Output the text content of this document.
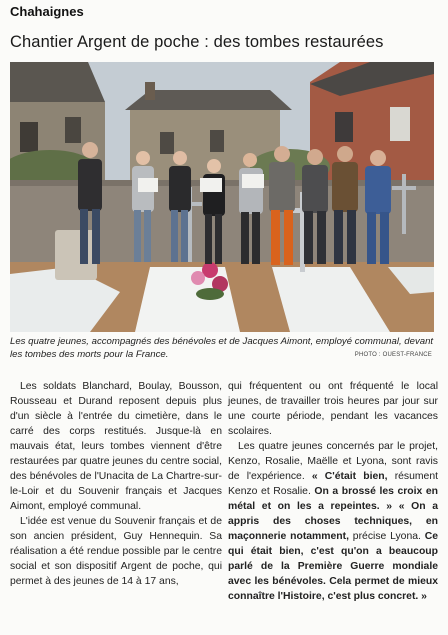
Chahaignes
Chantier Argent de poche : des tombes restaurées
Les quatre jeunes, accompagnés des bénévoles et de Jacques Aimont, employé communal, devant les tombes des morts pour la France.	PHOTO : OUEST-FRANCE

Les soldats Blanchard, Boulay, Bousson, Rousseau et Durand reposent depuis plus d'un siècle à l'entrée du cimetière, dans le carré des corps restitués. Jusque-là en mauvais état, leurs tombes viennent d'être restaurées par quatre jeunes du centre social, des bénévoles de l'Unacita de La Chartre-sur-le-Loir et du Souvenir français et Jacques Aimont, employé communal.

L'idée est venue du Souvenir français et de son ancien président, Guy Hennequin. Sa réalisation a été rendue possible par le centre social et son dispositif Argent de poche, qui permet à des jeunes de 14 à 17 ans,

qui fréquentent ou ont fréquenté le local jeunes, de travailler trois heures par jour sur une courte période, pendant les vacances scolaires.

Les quatre jeunes concernés par le projet, Kenzo, Rosalie, Maëlle et Lyona, sont ravis de l'expérience. « C'était bien, résument Kenzo et Rosalie. On a brossé les croix en métal et on les a repeintes. » « On a appris des choses techniques, en maçonnerie notamment, précise Lyona. Ce qui était bien, c'est qu'on a beaucoup parlé de la Première Guerre mondiale avec les bénévoles. Cela permet de mieux connaître l'Histoire, c'est plus concret. »
